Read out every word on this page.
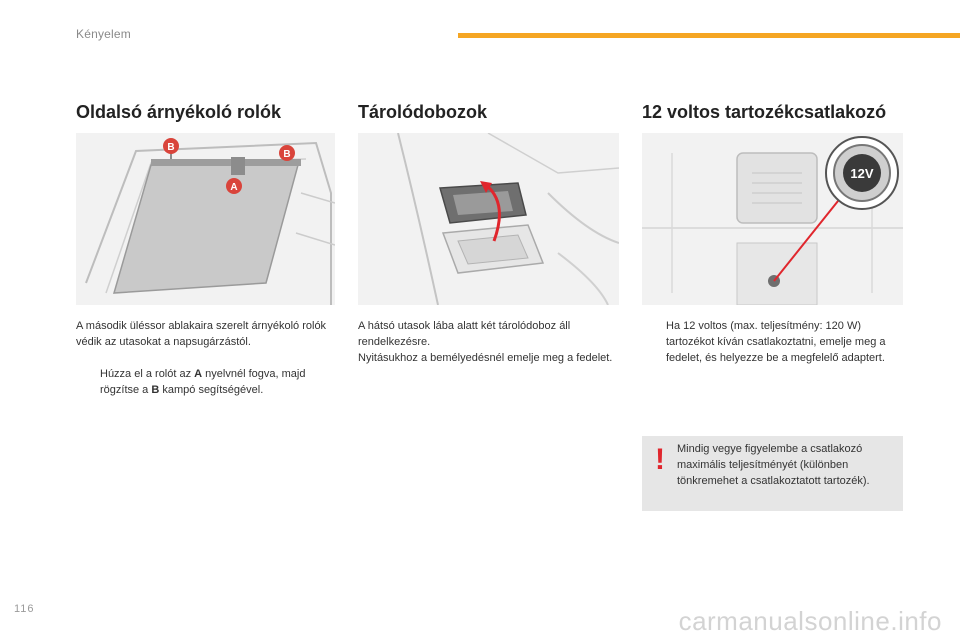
Kényelem
Oldalsó árnyékoló rolók
B
B
A

A második üléssor ablakaira szerelt árnyékoló rolók védik az utasokat a napsugárzástól.

Húzza el a rolót az A nyelvnél fogva, majd rögzítse a B kampó segítségével.
Tárolódobozok
A hátsó utasok lába alatt két tárolódoboz áll rendelkezésre.
Nyitásukhoz a bemélyedésnél emelje meg a fedelet.
12 voltos tartozékcsatlakozó
12V
Ha 12 voltos (max. teljesítmény: 120 W) tartozékot kíván csatlakoztatni, emelje meg a fedelet, és helyezze be a megfelelő adaptert.
! Mindig vegye figyelembe a csatlakozó maximális teljesítményét (különben tönkremehet a csatlakoztatott tartozék).
116	carmanualsonline.info
